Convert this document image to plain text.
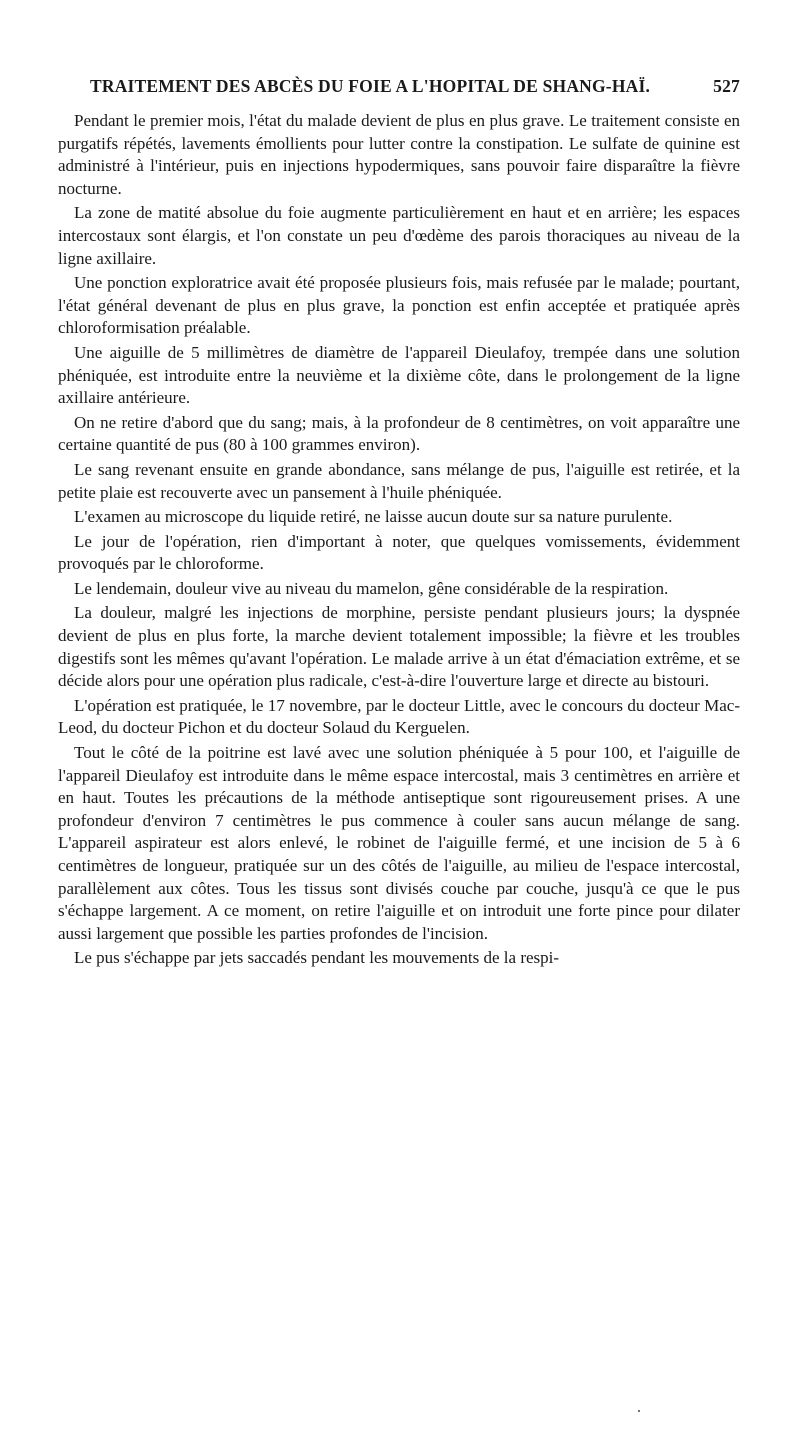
TRAITEMENT DES ABCÈS DU FOIE A L'HOPITAL DE SHANG-HAÏ.	527

Pendant le premier mois, l'état du malade devient de plus en plus grave. Le traitement consiste en purgatifs répétés, lavements émollients pour lutter contre la constipation. Le sulfate de quinine est administré à l'intérieur, puis en injections hypodermiques, sans pouvoir faire disparaître la fièvre nocturne.

La zone de matité absolue du foie augmente particulièrement en haut et en arrière; les espaces intercostaux sont élargis, et l'on constate un peu d'œdème des parois thoraciques au niveau de la ligne axillaire.

Une ponction exploratrice avait été proposée plusieurs fois, mais refusée par le malade; pourtant, l'état général devenant de plus en plus grave, la ponction est enfin acceptée et pratiquée après chloroformisation préalable.

Une aiguille de 5 millimètres de diamètre de l'appareil Dieulafoy, trempée dans une solution phéniquée, est introduite entre la neuvième et la dixième côte, dans le prolongement de la ligne axillaire antérieure.

On ne retire d'abord que du sang; mais, à la profondeur de 8 centimètres, on voit apparaître une certaine quantité de pus (80 à 100 grammes environ).

Le sang revenant ensuite en grande abondance, sans mélange de pus, l'aiguille est retirée, et la petite plaie est recouverte avec un pansement à l'huile phéniquée.

L'examen au microscope du liquide retiré, ne laisse aucun doute sur sa nature purulente.

Le jour de l'opération, rien d'important à noter, que quelques vomissements, évidemment provoqués par le chloroforme.

Le lendemain, douleur vive au niveau du mamelon, gêne considérable de la respiration.

La douleur, malgré les injections de morphine, persiste pendant plusieurs jours; la dyspnée devient de plus en plus forte, la marche devient totalement impossible; la fièvre et les troubles digestifs sont les mêmes qu'avant l'opération. Le malade arrive à un état d'émaciation extrême, et se décide alors pour une opération plus radicale, c'est-à-dire l'ouverture large et directe au bistouri.

L'opération est pratiquée, le 17 novembre, par le docteur Little, avec le concours du docteur Mac-Leod, du docteur Pichon et du docteur Solaud du Kerguelen.

Tout le côté de la poitrine est lavé avec une solution phéniquée à 5 pour 100, et l'aiguille de l'appareil Dieulafoy est introduite dans le même espace intercostal, mais 3 centimètres en arrière et en haut. Toutes les précautions de la méthode antiseptique sont rigoureusement prises. A une profondeur d'environ 7 centimètres le pus commence à couler sans aucun mélange de sang. L'appareil aspirateur est alors enlevé, le robinet de l'aiguille fermé, et une incision de 5 à 6 centimètres de longueur, pratiquée sur un des côtés de l'aiguille, au milieu de l'espace intercostal, parallèlement aux côtes. Tous les tissus sont divisés couche par couche, jusqu'à ce que le pus s'échappe largement. A ce moment, on retire l'aiguille et on introduit une forte pince pour dilater aussi largement que possible les parties profondes de l'incision.

Le pus s'échappe par jets saccadés pendant les mouvements de la respi-
